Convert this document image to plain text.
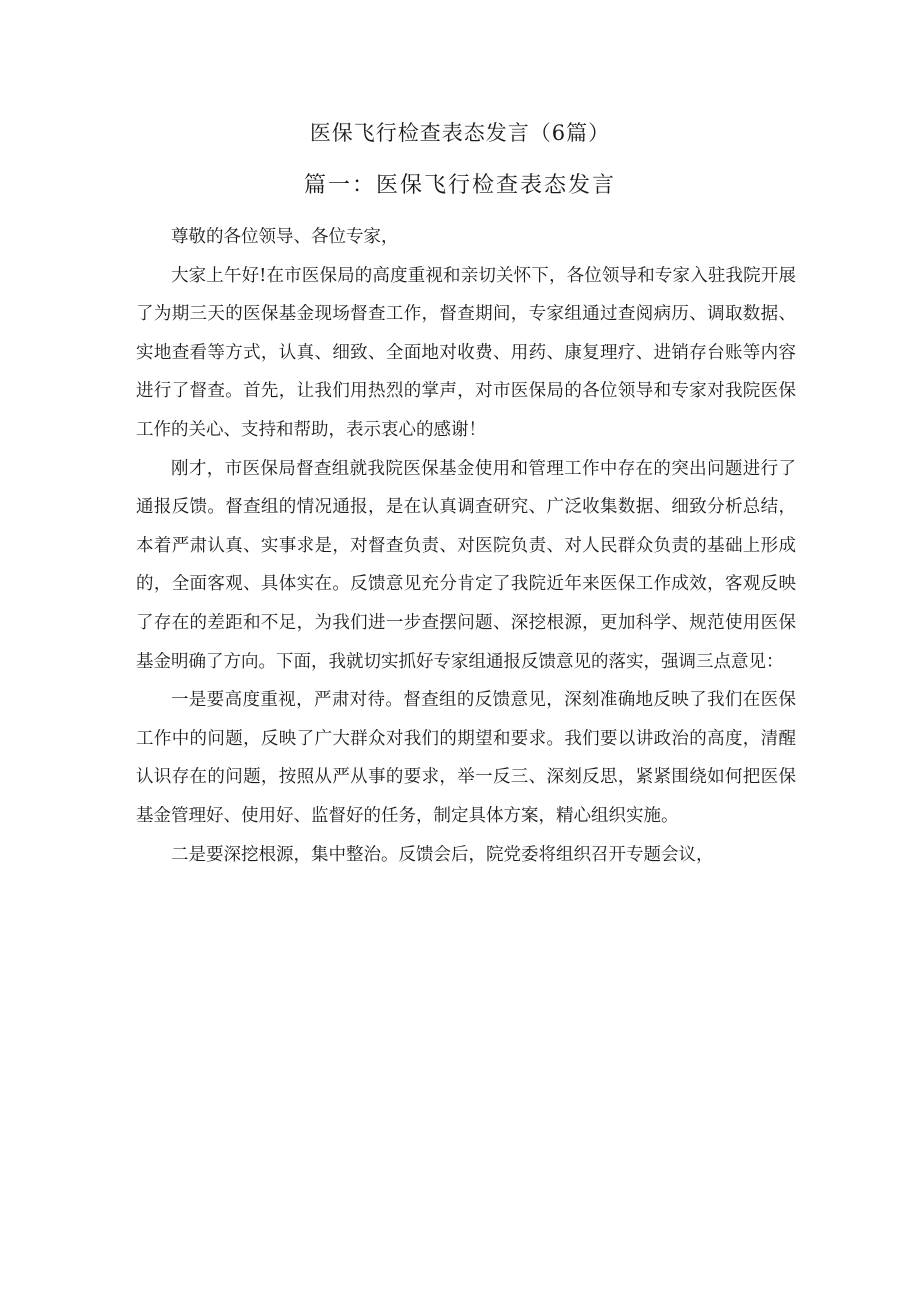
医保飞行检查表态发言（6篇）
篇一：医保飞行检查表态发言

尊敬的各位领导、各位专家，

大家上午好!在市医保局的高度重视和亲切关怀下，各位领导和专家入驻我院开展了为期三天的医保基金现场督查工作，督查期间，专家组通过查阅病历、调取数据、实地查看等方式，认真、细致、全面地对收费、用药、康复理疗、进销存台账等内容进行了督查。首先，让我们用热烈的掌声，对市医保局的各位领导和专家对我院医保工作的关心、支持和帮助，表示衷心的感谢！

刚才，市医保局督查组就我院医保基金使用和管理工作中存在的突出问题进行了通报反馈。督查组的情况通报，是在认真调查研究、广泛收集数据、细致分析总结，本着严肃认真、实事求是，对督查负责、对医院负责、对人民群众负责的基础上形成的，全面客观、具体实在。反馈意见充分肯定了我院近年来医保工作成效，客观反映了存在的差距和不足，为我们进一步查摆问题、深挖根源，更加科学、规范使用医保基金明确了方向。下面，我就切实抓好专家组通报反馈意见的落实，强调三点意见：

一是要高度重视，严肃对待。督查组的反馈意见，深刻准确地反映了我们在医保工作中的问题，反映了广大群众对我们的期望和要求。我们要以讲政治的高度，清醒认识存在的问题，按照从严从事的要求，举一反三、深刻反思，紧紧围绕如何把医保基金管理好、使用好、监督好的任务，制定具体方案，精心组织实施。

二是要深挖根源，集中整治。反馈会后，院党委将组织召开专题会议，
